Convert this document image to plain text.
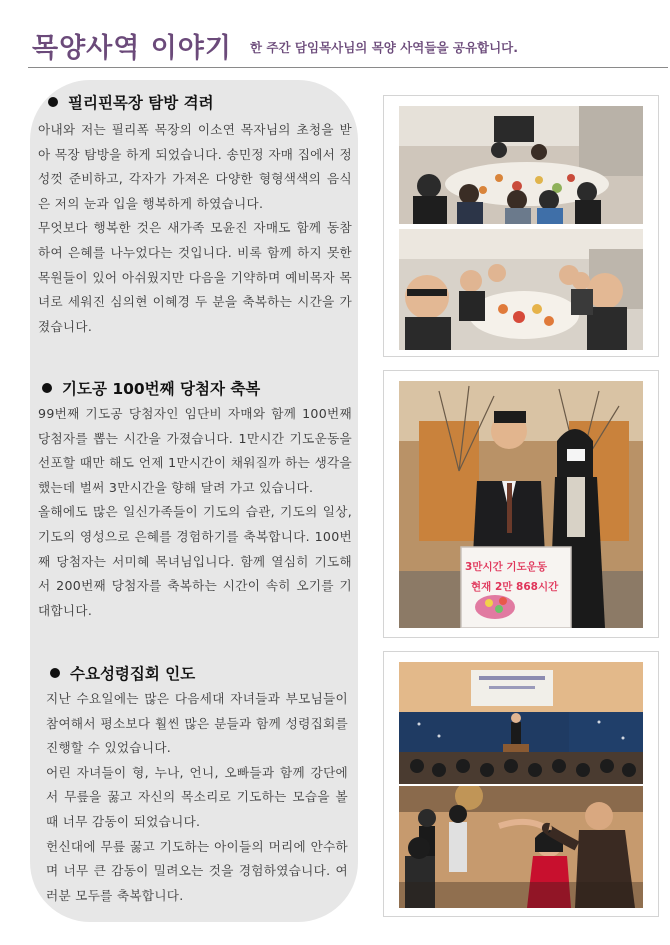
목양사역 이야기 한 주간 담임목사님의 목양 사역들을 공유합니다.
필리핀목장 탐방 격려

아내와 저는 필리폭 목장의 이소연 목자님의 초청을 받아 목장 탐방을 하게 되었습니다. 송민정 자매 집에서 정성껏 준비하고, 각자가 가져온 다양한 형형색색의 음식은 저의 눈과 입을 행복하게 하였습니다.

무엇보다 행복한 것은 새가족 모윤진 자매도 함께 동참하여 은혜를 나누었다는 것입니다. 비록 함께 하지 못한 목원들이 있어 아쉬웠지만 다음을 기약하며 예비목자 목녀로 세워진 심의현 이혜경 두 분을 축복하는 시간을 가졌습니다.

기도공 100번째 당첨자 축복

99번째 기도공 당첨자인 임단비 자매와 함께 100번째 당첨자를 뽑는 시간을 가졌습니다. 1만시간 기도운동을 선포할 때만 해도 언제 1만시간이 채워질까 하는 생각을 했는데 벌써 3만시간을 향해 달려 가고 있습니다.

올해에도 많은 일신가족들이 기도의 습관, 기도의 일상, 기도의 영성으로 은혜를 경험하기를 축복합니다. 100번째 당첨자는 서미혜 목녀님입니다. 함께 열심히 기도해서 200번째 당첨자를 축복하는 시간이 속히 오기를 기대합니다.

수요성령집회 인도

지난 수요일에는 많은 다음세대 자녀들과 부모님들이 참여해서 평소보다 훨씬 많은 분들과 함께 성령집회를 진행할 수 있었습니다.

어린 자녀들이 형, 누나, 언니, 오빠들과 함께 강단에서 무릎을 꿇고 자신의 목소리로 기도하는 모습을 볼 때 너무 감동이 되었습니다.

헌신대에 무릎 꿇고 기도하는 아이들의 머리에 안수하며 너무 큰 감동이 밀려오는 것을 경험하였습니다. 여러분 모두를 축복합니다.

3만시간 기도운동
현재 2만 868시간
